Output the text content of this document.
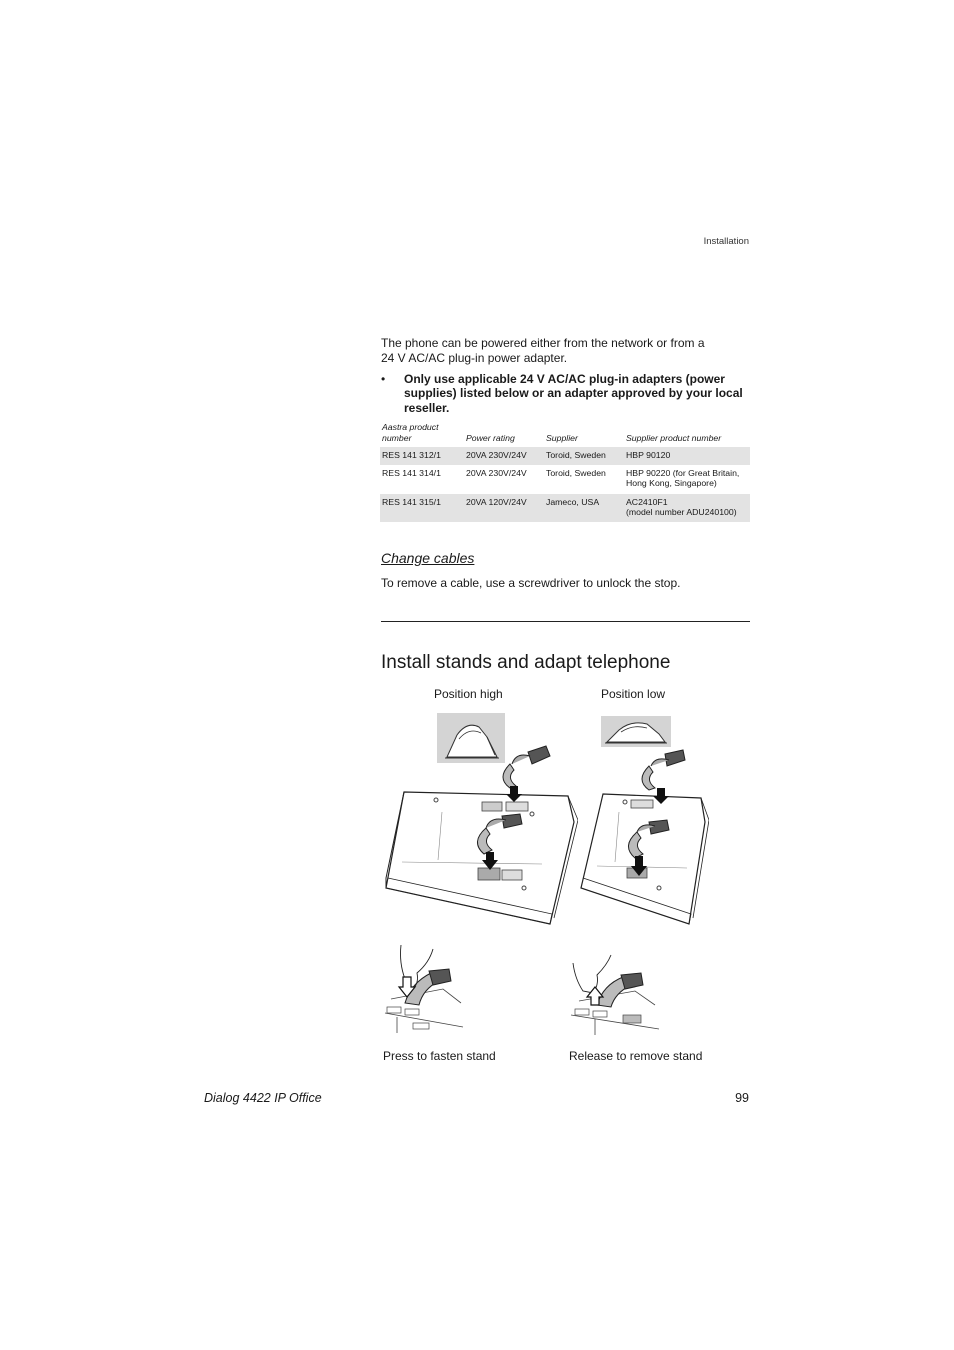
Installation
The phone can be powered either from the network or from a
24 V AC/AC plug-in power adapter.
• Only use applicable 24 V AC/AC plug-in adapters (power supplies) listed below or an adapter approved by your local reseller.
Aastra product number	Power rating	Supplier	Supplier product number
RES 141 312/1	20VA 230V/24V	Toroid, Sweden	HBP 90120
RES 141 314/1	20VA 230V/24V	Toroid, Sweden	HBP 90220 (for Great Britain,
Hong Kong, Singapore)

RES 141 315/1	20VA 120V/24V	Jameco, USA	AC2410F1
(model number ADU240100)
Change cables
To remove a cable, use a screwdriver to unlock the stop.
Install stands and adapt telephone
Position high	Position low
Press to fasten stand	Release to remove stand
Dialog 4422 IP Office	99
